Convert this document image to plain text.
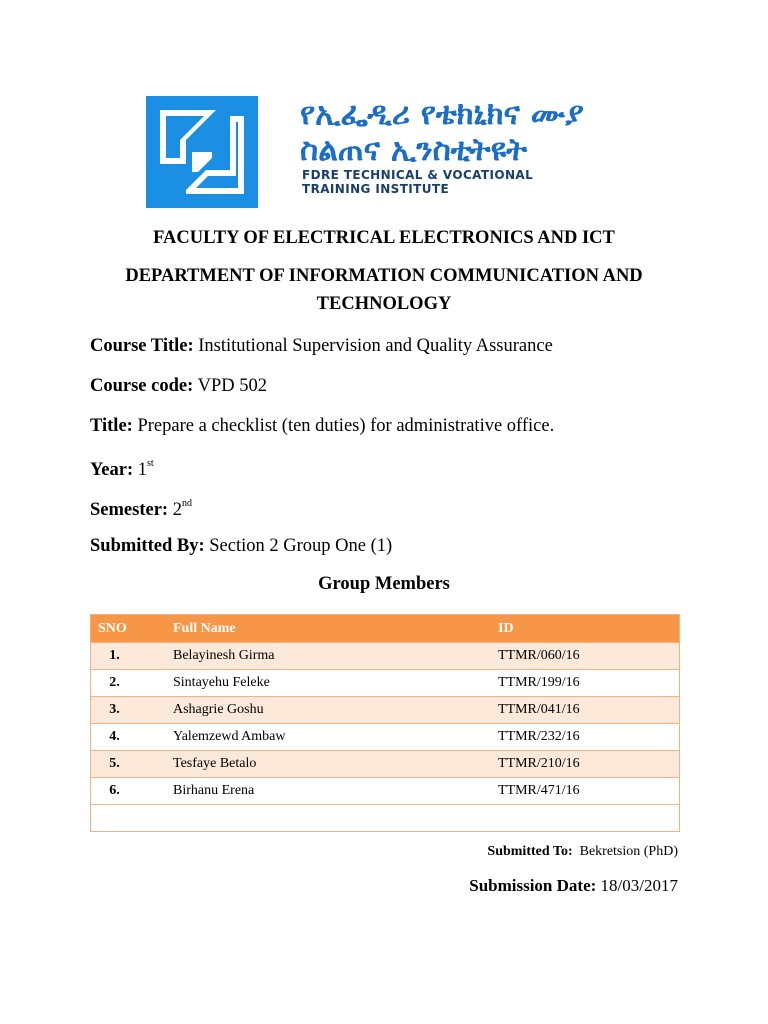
የኢፌዲሪ የቴክኒክና ሙያ
ስልጠና ኢንስቲትዩት
FDRE TECHNICAL & VOCATIONAL
TRAINING INSTITUTE
FACULTY OF ELECTRICAL ELECTRONICS AND ICT
DEPARTMENT OF INFORMATION COMMUNICATION AND TECHNOLOGY
Course Title: Institutional Supervision and Quality Assurance
Course code: VPD 502
Title: Prepare a checklist (ten duties) for administrative office.
Year: 1st
Semester: 2nd
Submitted By: Section 2 Group One (1)
Group Members
SNO	Full Name	ID
1.	Belayinesh Girma	TTMR/060/16
2.	Sintayehu Feleke	TTMR/199/16
3.	Ashagrie Goshu	TTMR/041/16
4.	Yalemzewd Ambaw	TTMR/232/16
5.	Tesfaye Betalo	TTMR/210/16
6.	Birhanu Erena	TTMR/471/16

Submitted To: Bekretsion (PhD)
Submission Date: 18/03/2017
